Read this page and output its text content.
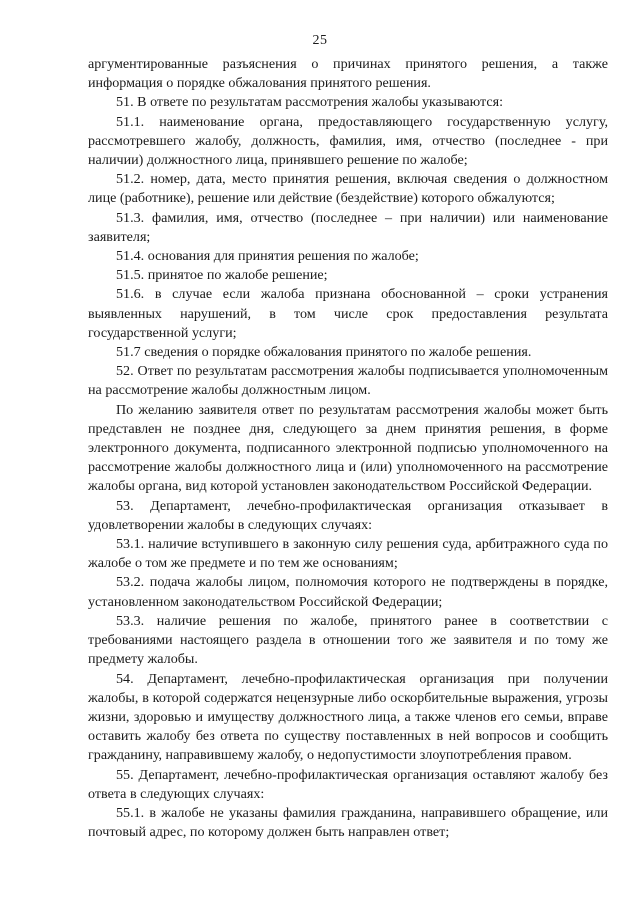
25

аргументированные разъяснения о причинах принятого решения, а также информация о порядке обжалования принятого решения.

51. В ответе по результатам рассмотрения жалобы указываются:

51.1. наименование органа, предоставляющего государственную услугу, рассмотревшего жалобу, должность, фамилия, имя, отчество (последнее - при наличии) должностного лица, принявшего решение по жалобе;

51.2. номер, дата, место принятия решения, включая сведения о должностном лице (работнике), решение или действие (бездействие) которого обжалуются;

51.3. фамилия, имя, отчество (последнее – при наличии) или наименование заявителя;

51.4. основания для принятия решения по жалобе;

51.5. принятое по жалобе решение;

51.6. в случае если жалоба признана обоснованной – сроки устранения выявленных нарушений, в том числе срок предоставления результата государственной услуги;

51.7 сведения о порядке обжалования принятого по жалобе решения.

52. Ответ по результатам рассмотрения жалобы подписывается уполномоченным на рассмотрение жалобы должностным лицом.

По желанию заявителя ответ по результатам рассмотрения жалобы может быть представлен не позднее дня, следующего за днем принятия решения, в форме электронного документа, подписанного электронной подписью уполномоченного на рассмотрение жалобы должностного лица и (или) уполномоченного на рассмотрение жалобы органа, вид которой установлен законодательством Российской Федерации.

53. Департамент, лечебно-профилактическая организация отказывает в удовлетворении жалобы в следующих случаях:

53.1. наличие вступившего в законную силу решения суда, арбитражного суда по жалобе о том же предмете и по тем же основаниям;

53.2. подача жалобы лицом, полномочия которого не подтверждены в порядке, установленном законодательством Российской Федерации;

53.3. наличие решения по жалобе, принятого ранее в соответствии с требованиями настоящего раздела в отношении того же заявителя и по тому же предмету жалобы.

54. Департамент, лечебно-профилактическая организация при получении жалобы, в которой содержатся нецензурные либо оскорбительные выражения, угрозы жизни, здоровью и имуществу должностного лица, а также членов его семьи, вправе оставить жалобу без ответа по существу поставленных в ней вопросов и сообщить гражданину, направившему жалобу, о недопустимости злоупотребления правом.

55. Департамент, лечебно-профилактическая организация оставляют жалобу без ответа в следующих случаях:

55.1. в жалобе не указаны фамилия гражданина, направившего обращение, или почтовый адрес, по которому должен быть направлен ответ;
